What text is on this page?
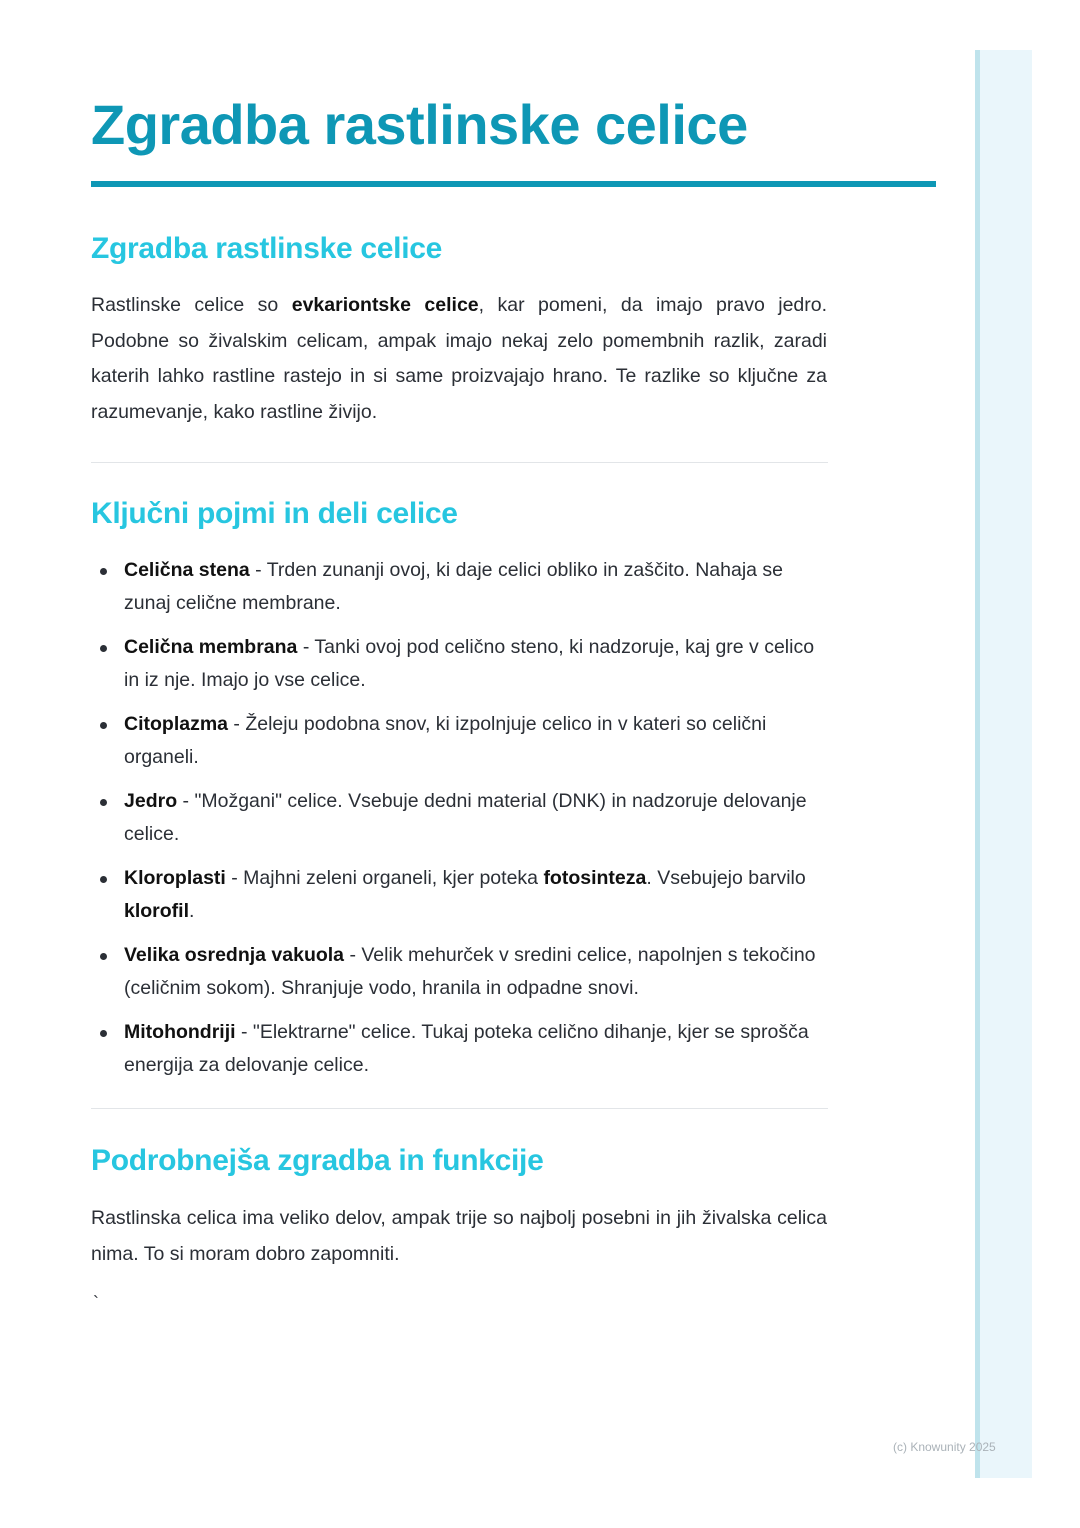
Zgradba rastlinske celice
Zgradba rastlinske celice

Rastlinske celice so evkariontske celice, kar pomeni, da imajo pravo jedro. Podobne so živalskim celicam, ampak imajo nekaj zelo pomembnih razlik, zaradi katerih lahko rastline rastejo in si same proizvajajo hrano. Te razlike so ključne za razumevanje, kako rastline živijo.

Ključni pojmi in deli celice
Celična stena - Trden zunanji ovoj, ki daje celici obliko in zaščito. Nahaja se zunaj celične membrane.
Celična membrana - Tanki ovoj pod celično steno, ki nadzoruje, kaj gre v celico in iz nje. Imajo jo vse celice.
Citoplazma - Želeju podobna snov, ki izpolnjuje celico in v kateri so celični organeli.
Jedro - "Možgani" celice. Vsebuje dedni material (DNK) in nadzoruje delovanje celice.
Kloroplasti - Majhni zeleni organeli, kjer poteka fotosinteza. Vsebujejo barvilo klorofil.
Velika osrednja vakuola - Velik mehurček v sredini celice, napolnjen s tekočino (celičnim sokom). Shranjuje vodo, hranila in odpadne snovi.
Mitohondriji - "Elektrarne" celice. Tukaj poteka celično dihanje, kjer se sprošča energija za delovanje celice.
Podrobnejša zgradba in funkcije

Rastlinska celica ima veliko delov, ampak trije so najbolj posebni in jih živalska celica nima. To si moram dobro zapomniti.

`
(c) Knowunity 2025
